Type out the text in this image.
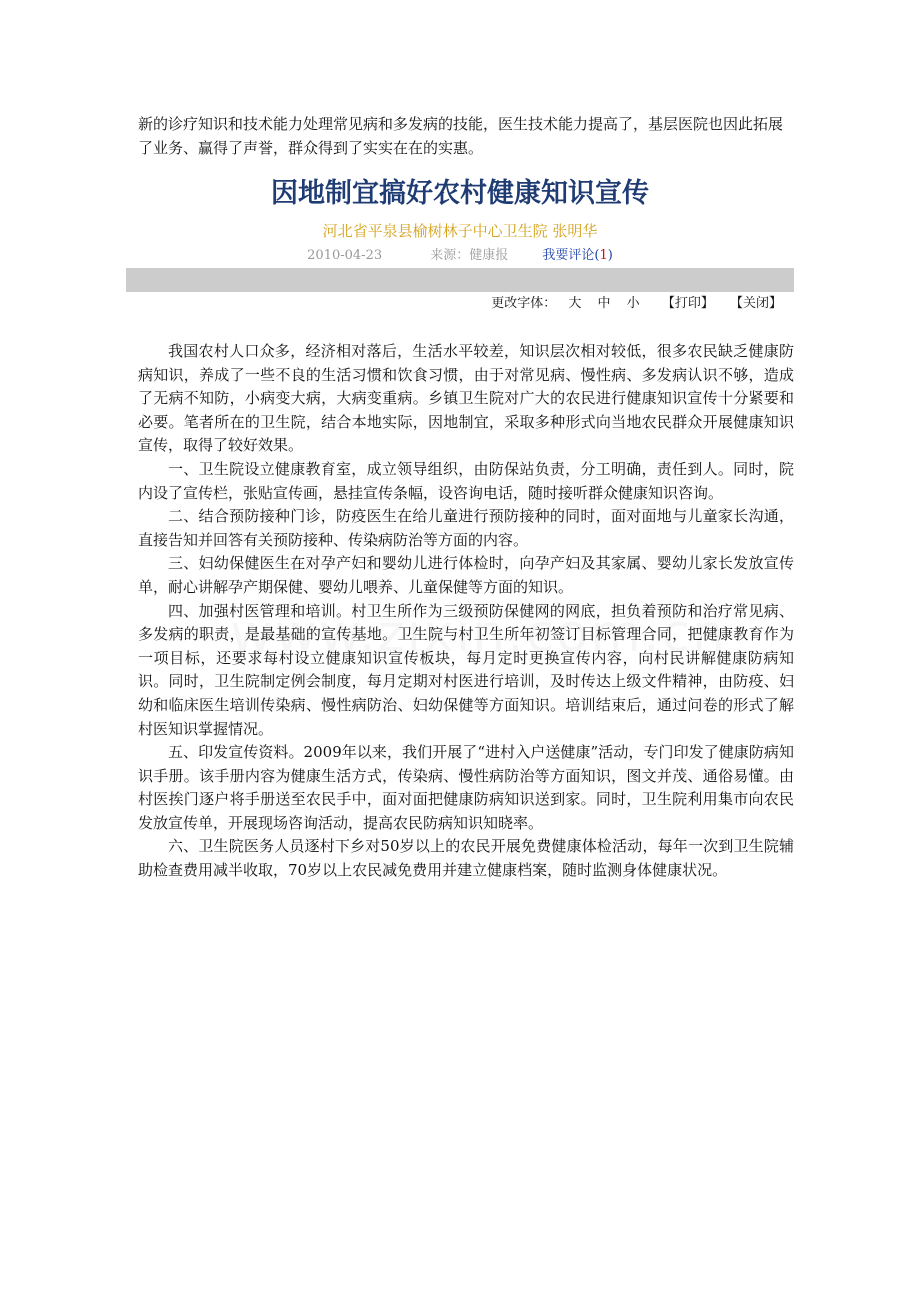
新的诊疗知识和技术能力处理常见病和多发病的技能，医生技术能力提高了，基层医院也因此拓展了业务、赢得了声誉，群众得到了实实在在的实惠。

因地制宜搞好农村健康知识宣传

河北省平泉县榆树林子中心卫生院 张明华

2010-04-23	来源：健康报	我要评论(1)

更改字体： 大 中 小 【打印】 【关闭】

我国农村人口众多，经济相对落后，生活水平较差，知识层次相对较低，很多农民缺乏健康防病知识，养成了一些不良的生活习惯和饮食习惯，由于对常见病、慢性病、多发病认识不够，造成了无病不知防，小病变大病，大病变重病。乡镇卫生院对广大的农民进行健康知识宣传十分紧要和必要。笔者所在的卫生院，结合本地实际，因地制宜，采取多种形式向当地农民群众开展健康知识宣传，取得了较好效果。

一、卫生院设立健康教育室，成立领导组织，由防保站负责，分工明确，责任到人。同时，院内设了宣传栏，张贴宣传画，悬挂宣传条幅，设咨询电话，随时接听群众健康知识咨询。

二、结合预防接种门诊，防疫医生在给儿童进行预防接种的同时，面对面地与儿童家长沟通，直接告知并回答有关预防接种、传染病防治等方面的内容。

三、妇幼保健医生在对孕产妇和婴幼儿进行体检时，向孕产妇及其家属、婴幼儿家长发放宣传单，耐心讲解孕产期保健、婴幼儿喂养、儿童保健等方面的知识。

四、加强村医管理和培训。村卫生所作为三级预防保健网的网底，担负着预防和治疗常见病、多发病的职责，是最基础的宣传基地。卫生院与村卫生所年初签订目标管理合同，把健康教育作为一项目标，还要求每村设立健康知识宣传板块，每月定时更换宣传内容，向村民讲解健康防病知识。同时，卫生院制定例会制度，每月定期对村医进行培训，及时传达上级文件精神，由防疫、妇幼和临床医生培训传染病、慢性病防治、妇幼保健等方面知识。培训结束后，通过问卷的形式了解村医知识掌握情况。

五、印发宣传资料。2009年以来，我们开展了“进村入户送健康”活动，专门印发了健康防病知识手册。该手册内容为健康生活方式，传染病、慢性病防治等方面知识，图文并茂、通俗易懂。由村医挨门逐户将手册送至农民手中，面对面把健康防病知识送到家。同时，卫生院利用集市向农民发放宣传单，开展现场咨询活动，提高农民防病知识知晓率。

六、卫生院医务人员逐村下乡对50岁以上的农民开展免费健康体检活动，每年一次到卫生院辅助检查费用减半收取，70岁以上农民减免费用并建立健康档案，随时监测身体健康状况。
